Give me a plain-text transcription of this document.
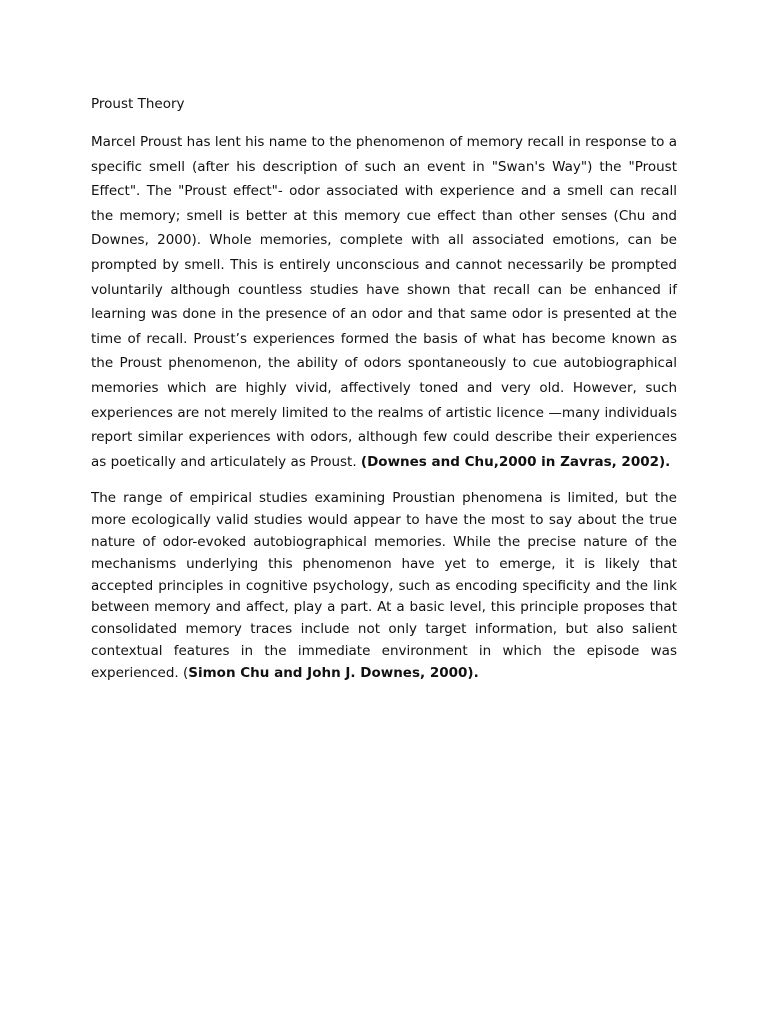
Proust Theory

Marcel Proust has lent his name to the phenomenon of memory recall in response to a specific smell (after his description of such an event in "Swan's Way") the "Proust Effect". The "Proust effect"- odor associated with experience and a smell can recall the memory; smell is better at this memory cue effect than other senses (Chu and Downes, 2000). Whole memories, complete with all associated emotions, can be prompted by smell. This is entirely unconscious and cannot necessarily be prompted voluntarily although countless studies have shown that recall can be enhanced if learning was done in the presence of an odor and that same odor is presented at the time of recall. Proust’s experiences formed the basis of what has become known as the Proust phenomenon, the ability of odors spontaneously to cue autobiographical memories which are highly vivid, affectively toned and very old. However, such experiences are not merely limited to the realms of artistic licence —many individuals report similar experiences with odors, although few could describe their experiences as poetically and articulately as Proust. (Downes and Chu,2000 in Zavras, 2002).

The range of empirical studies examining Proustian phenomena is limited, but the more ecologically valid studies would appear to have the most to say about the true nature of odor-evoked autobiographical memories. While the precise nature of the mechanisms underlying this phenomenon have yet to emerge, it is likely that accepted principles in cognitive psychology, such as encoding specificity and the link between memory and affect, play a part. At a basic level, this principle proposes that consolidated memory traces include not only target information, but also salient contextual features in the immediate environment in which the episode was experienced. (Simon Chu and John J. Downes, 2000).
